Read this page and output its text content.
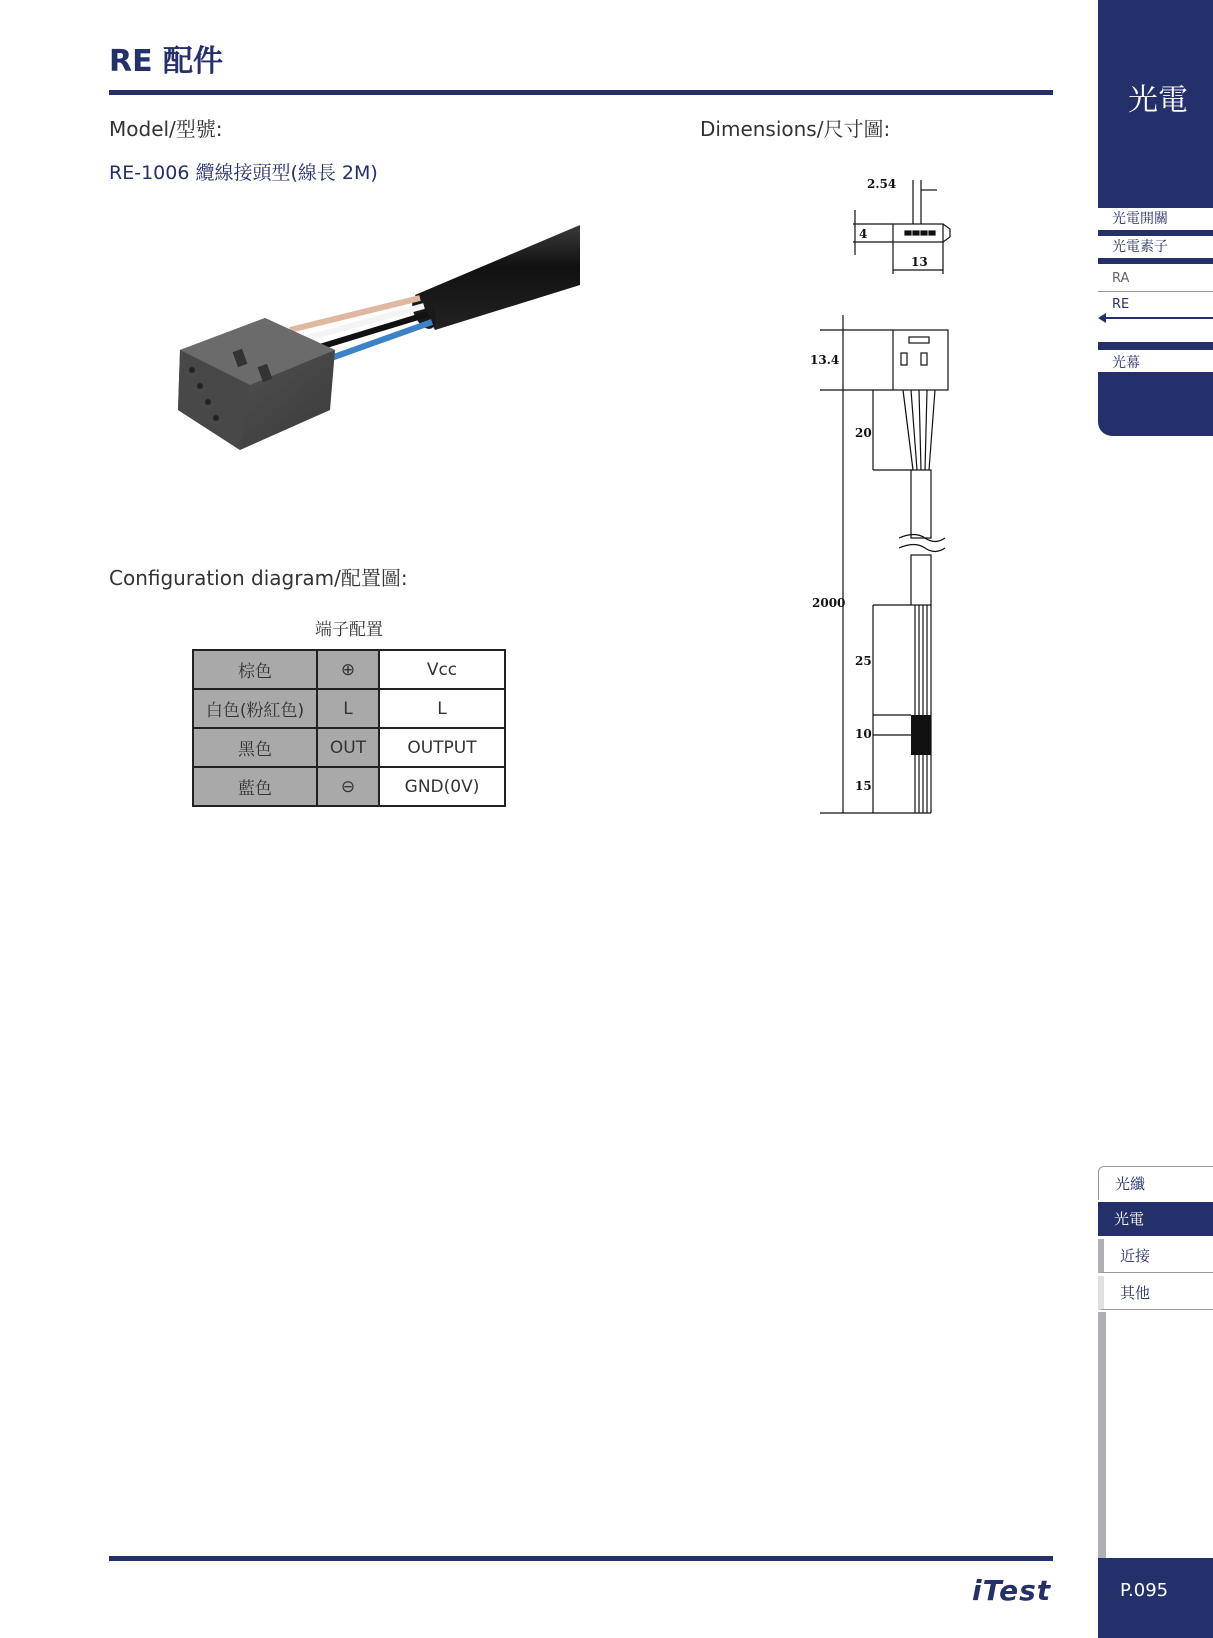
RE 配件
Model/型號:
RE-1006 纜線接頭型(線長 2M)
Dimensions/尺寸圖:
2.54
4
13
13.4
20
2000
25
10
15
Configuration diagram/配置圖:
端子配置
棕色	⊕	Vcc
白色(粉紅色)	L	L
黑色	OUT	OUTPUT
藍色	⊖	GND(0V)
光電
光電開關
光電素子
RA
RE
光幕
光纖
光電
近接
其他
iTest	P.095
